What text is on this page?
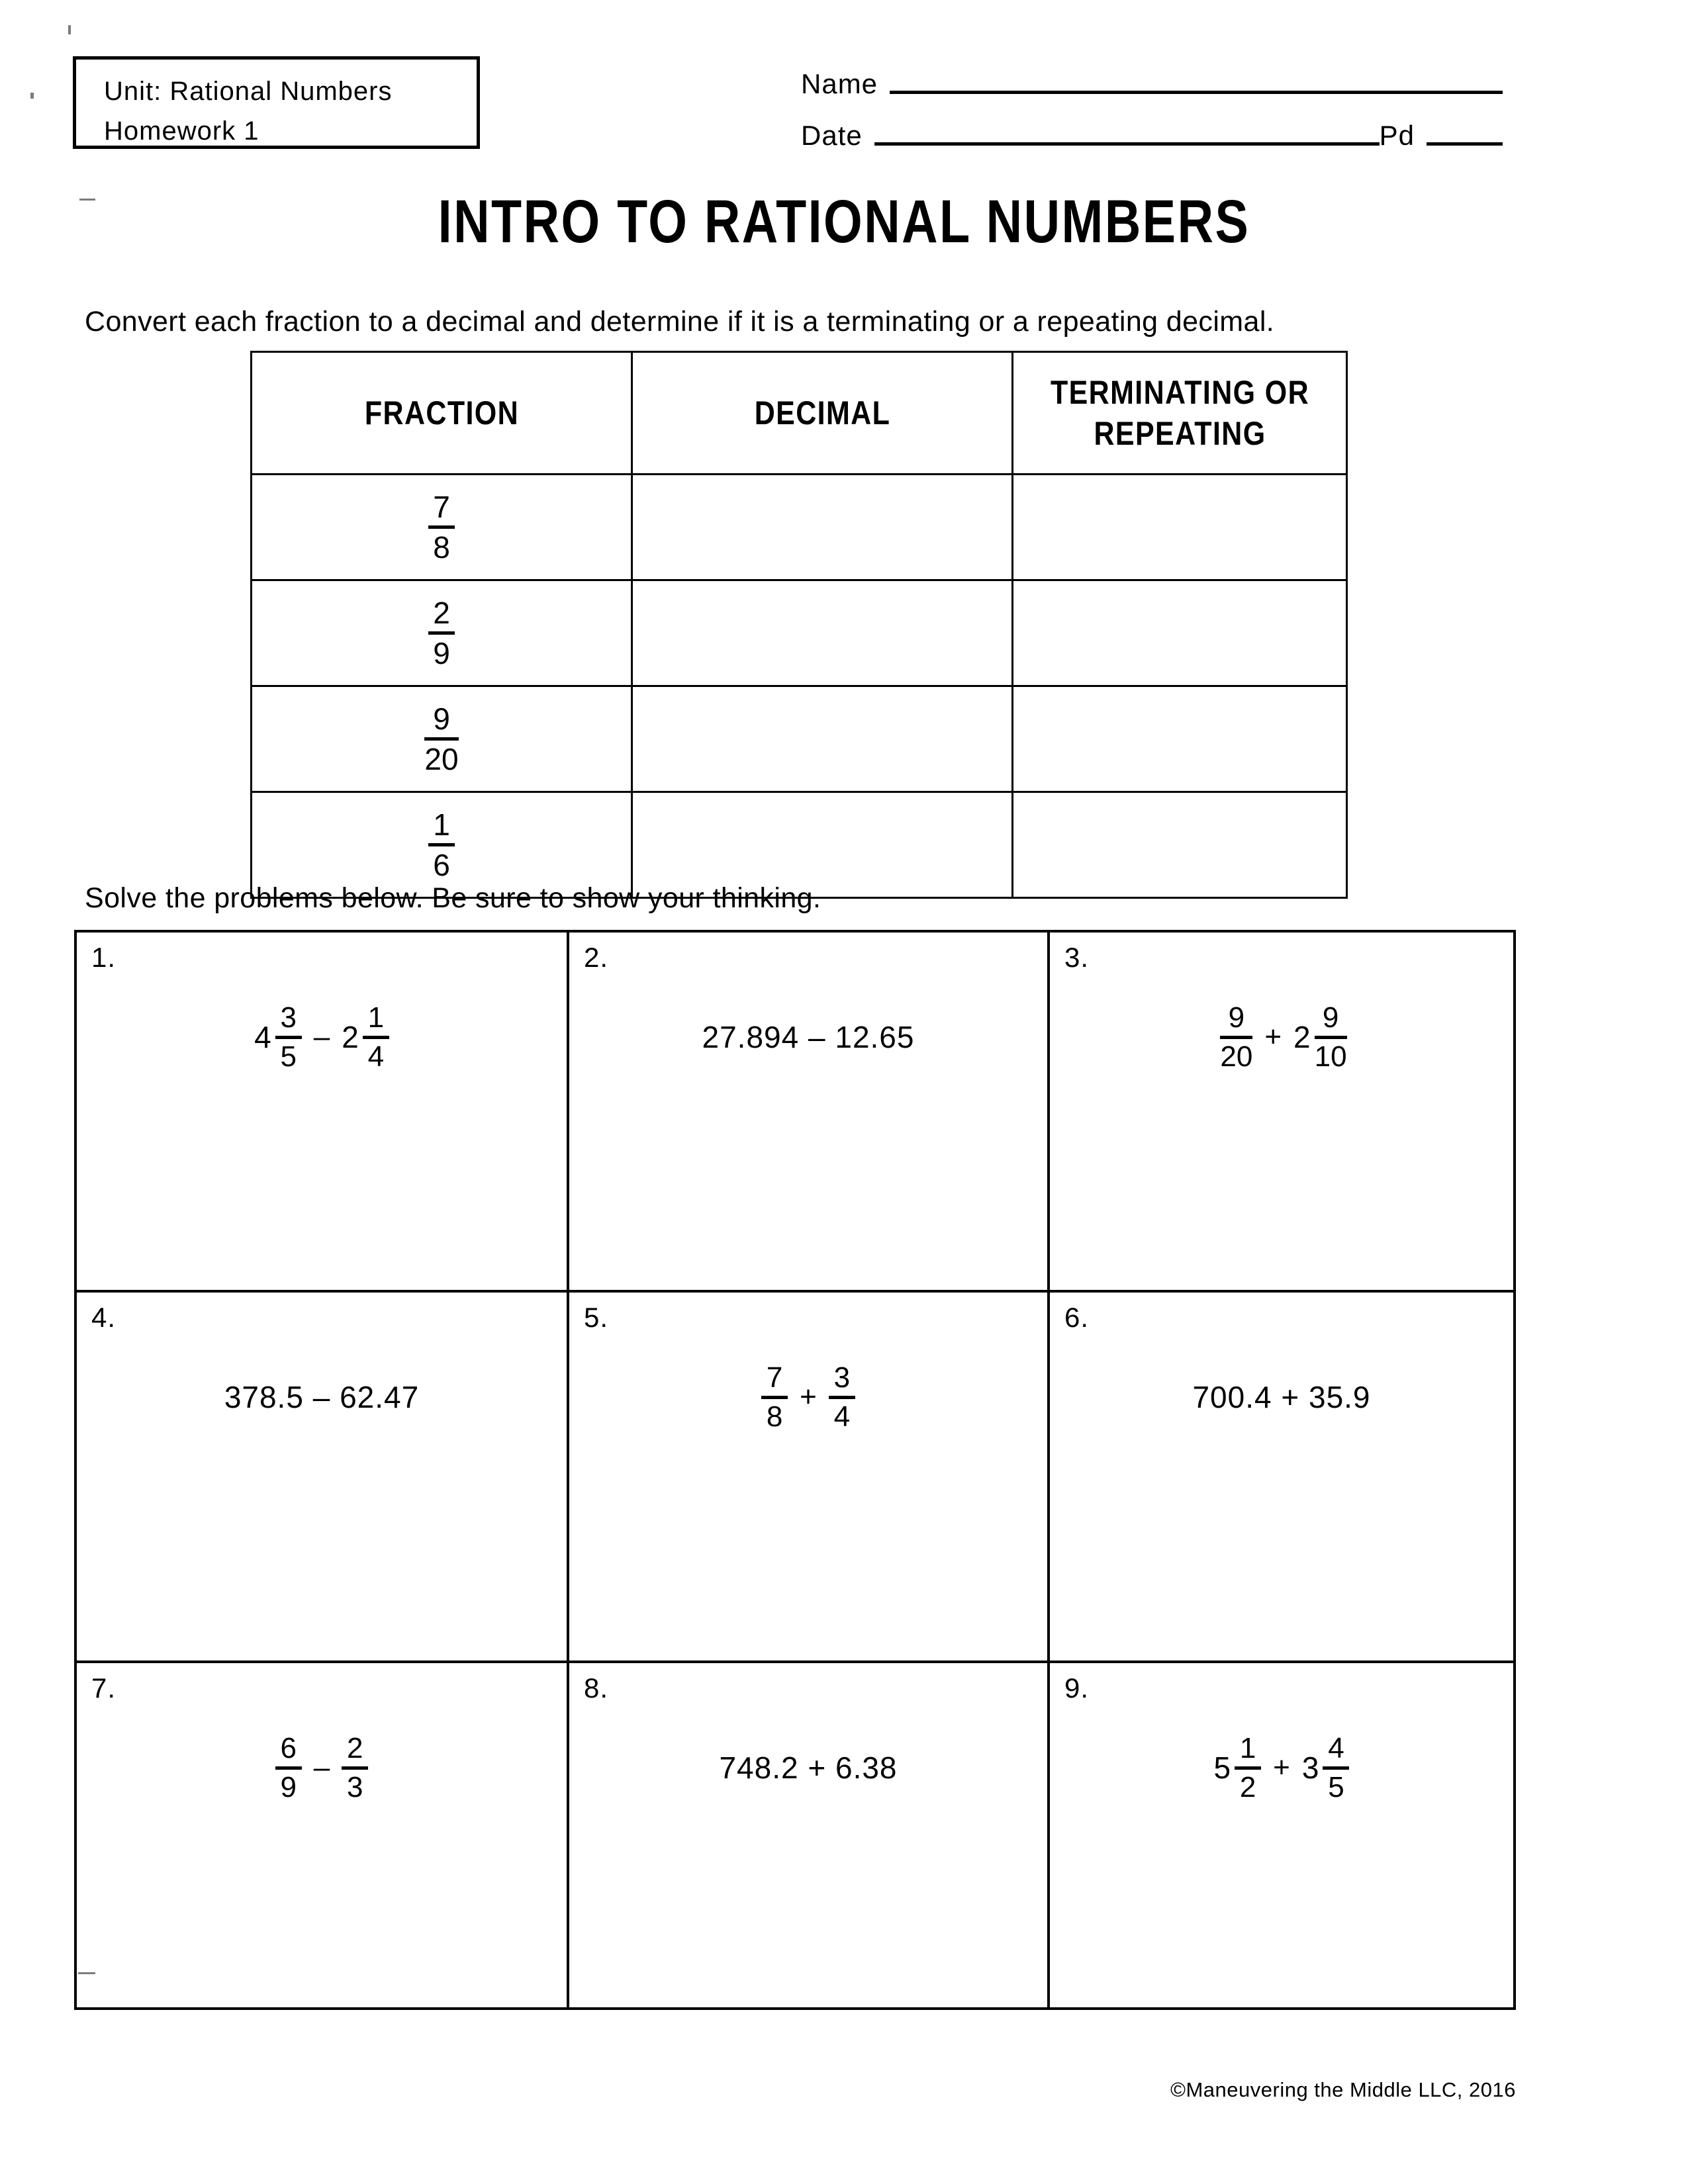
Unit: Rational Numbers
Homework 1
Name
Date	Pd
INTRO TO RATIONAL NUMBERS
Convert each fraction to a decimal and determine if it is a terminating or a repeating decimal.
FRACTION	DECIMAL	TERMINATING OR
REPEATING

7
8		

2
9		

9
20		

1
6		

Solve the problems below. Be sure to show your thinking.
1.
4
3
5
– 2
1
4
2.
27.894 – 12.65
3.
9
20
+ 2
9
10
4.
378.5 – 62.47
5.
7
8
+
3
4
6.
700.4 + 35.9
7.
6
9
–
2
3
8.
748.2 + 6.38
9.
5
1
2
+ 3
4
5
©Maneuvering the Middle LLC, 2016
